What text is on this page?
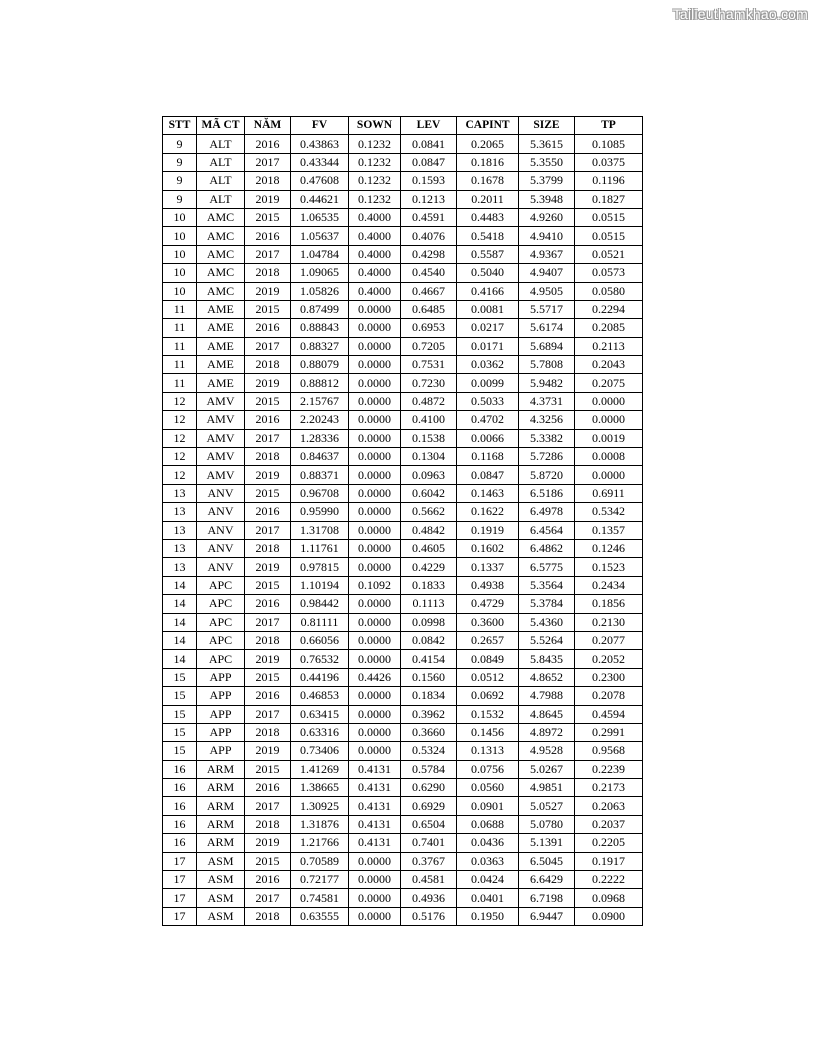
Tailieuthamkhao.com
STT	MÃ CT	NĂM	FV	SOWN	LEV	CAPINT	SIZE	TP
9	ALT	2016	0.43863	0.1232	0.0841	0.2065	5.3615	0.1085
9	ALT	2017	0.43344	0.1232	0.0847	0.1816	5.3550	0.0375
9	ALT	2018	0.47608	0.1232	0.1593	0.1678	5.3799	0.1196
9	ALT	2019	0.44621	0.1232	0.1213	0.2011	5.3948	0.1827
10	AMC	2015	1.06535	0.4000	0.4591	0.4483	4.9260	0.0515
10	AMC	2016	1.05637	0.4000	0.4076	0.5418	4.9410	0.0515
10	AMC	2017	1.04784	0.4000	0.4298	0.5587	4.9367	0.0521
10	AMC	2018	1.09065	0.4000	0.4540	0.5040	4.9407	0.0573
10	AMC	2019	1.05826	0.4000	0.4667	0.4166	4.9505	0.0580
11	AME	2015	0.87499	0.0000	0.6485	0.0081	5.5717	0.2294
11	AME	2016	0.88843	0.0000	0.6953	0.0217	5.6174	0.2085
11	AME	2017	0.88327	0.0000	0.7205	0.0171	5.6894	0.2113
11	AME	2018	0.88079	0.0000	0.7531	0.0362	5.7808	0.2043
11	AME	2019	0.88812	0.0000	0.7230	0.0099	5.9482	0.2075
12	AMV	2015	2.15767	0.0000	0.4872	0.5033	4.3731	0.0000
12	AMV	2016	2.20243	0.0000	0.4100	0.4702	4.3256	0.0000
12	AMV	2017	1.28336	0.0000	0.1538	0.0066	5.3382	0.0019
12	AMV	2018	0.84637	0.0000	0.1304	0.1168	5.7286	0.0008
12	AMV	2019	0.88371	0.0000	0.0963	0.0847	5.8720	0.0000
13	ANV	2015	0.96708	0.0000	0.6042	0.1463	6.5186	0.6911
13	ANV	2016	0.95990	0.0000	0.5662	0.1622	6.4978	0.5342
13	ANV	2017	1.31708	0.0000	0.4842	0.1919	6.4564	0.1357
13	ANV	2018	1.11761	0.0000	0.4605	0.1602	6.4862	0.1246
13	ANV	2019	0.97815	0.0000	0.4229	0.1337	6.5775	0.1523
14	APC	2015	1.10194	0.1092	0.1833	0.4938	5.3564	0.2434
14	APC	2016	0.98442	0.0000	0.1113	0.4729	5.3784	0.1856
14	APC	2017	0.81111	0.0000	0.0998	0.3600	5.4360	0.2130
14	APC	2018	0.66056	0.0000	0.0842	0.2657	5.5264	0.2077
14	APC	2019	0.76532	0.0000	0.4154	0.0849	5.8435	0.2052
15	APP	2015	0.44196	0.4426	0.1560	0.0512	4.8652	0.2300
15	APP	2016	0.46853	0.0000	0.1834	0.0692	4.7988	0.2078
15	APP	2017	0.63415	0.0000	0.3962	0.1532	4.8645	0.4594
15	APP	2018	0.63316	0.0000	0.3660	0.1456	4.8972	0.2991
15	APP	2019	0.73406	0.0000	0.5324	0.1313	4.9528	0.9568
16	ARM	2015	1.41269	0.4131	0.5784	0.0756	5.0267	0.2239
16	ARM	2016	1.38665	0.4131	0.6290	0.0560	4.9851	0.2173
16	ARM	2017	1.30925	0.4131	0.6929	0.0901	5.0527	0.2063
16	ARM	2018	1.31876	0.4131	0.6504	0.0688	5.0780	0.2037
16	ARM	2019	1.21766	0.4131	0.7401	0.0436	5.1391	0.2205
17	ASM	2015	0.70589	0.0000	0.3767	0.0363	6.5045	0.1917
17	ASM	2016	0.72177	0.0000	0.4581	0.0424	6.6429	0.2222
17	ASM	2017	0.74581	0.0000	0.4936	0.0401	6.7198	0.0968
17	ASM	2018	0.63555	0.0000	0.5176	0.1950	6.9447	0.0900
